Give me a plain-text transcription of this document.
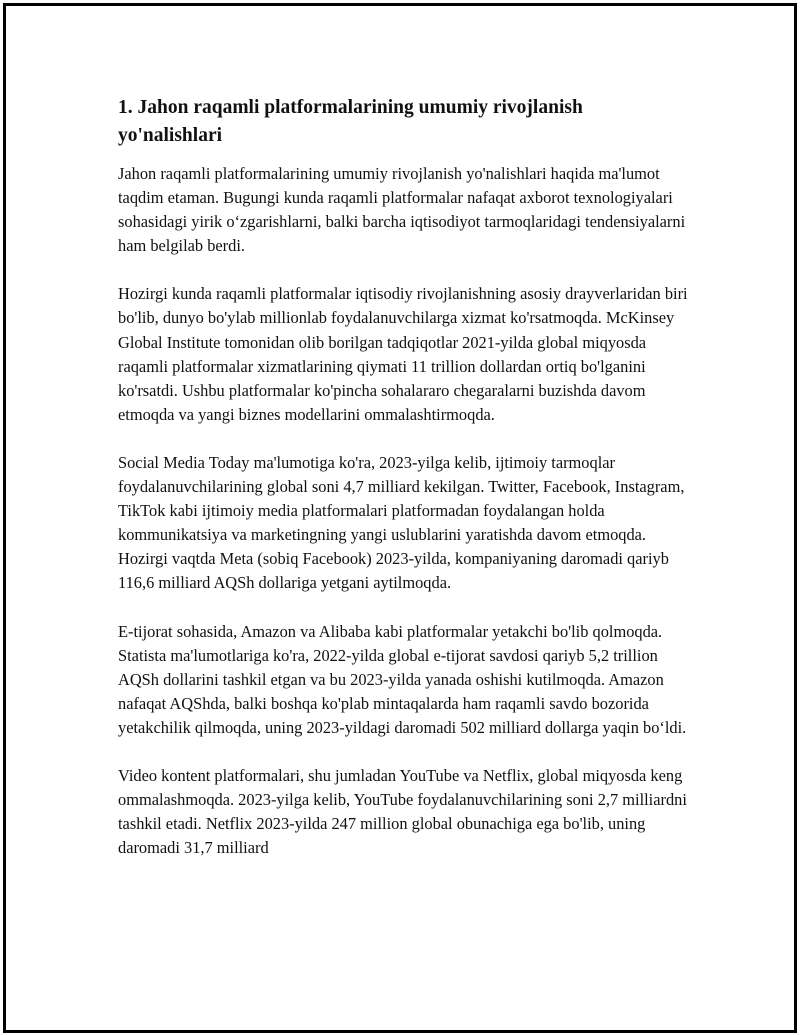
1. Jahon raqamli platformalarining umumiy rivojlanish yo'nalishlari

Jahon raqamli platformalarining umumiy rivojlanish yo'nalishlari haqida ma'lumot taqdim etaman. Bugungi kunda raqamli platformalar nafaqat axborot texnologiyalari sohasidagi yirik o‘zgarishlarni, balki barcha iqtisodiyot tarmoqlaridagi tendensiyalarni ham belgilab berdi.

Hozirgi kunda raqamli platformalar iqtisodiy rivojlanishning asosiy drayverlaridan biri bo'lib, dunyo bo'ylab millionlab foydalanuvchilarga xizmat ko'rsatmoqda. McKinsey Global Institute tomonidan olib borilgan tadqiqotlar 2021-yilda global miqyosda raqamli platformalar xizmatlarining qiymati 11 trillion dollardan ortiq bo'lganini ko'rsatdi. Ushbu platformalar ko'pincha sohalararo chegaralarni buzishda davom etmoqda va yangi biznes modellarini ommalashtirmoqda.

Social Media Today ma'lumotiga ko'ra, 2023-yilga kelib, ijtimoiy tarmoqlar foydalanuvchilarining global soni 4,7 milliard kekilgan. Twitter, Facebook, Instagram, TikTok kabi ijtimoiy media platformalari platformadan foydalangan holda kommunikatsiya va marketingning yangi uslublarini yaratishda davom etmoqda. Hozirgi vaqtda Meta (sobiq Facebook) 2023-yilda, kompaniyaning daromadi qariyb 116,6 milliard AQSh dollariga yetgani aytilmoqda.

E-tijorat sohasida, Amazon va Alibaba kabi platformalar yetakchi bo'lib qolmoqda. Statista ma'lumotlariga ko'ra, 2022-yilda global e-tijorat savdosi qariyb 5,2 trillion AQSh dollarini tashkil etgan va bu 2023-yilda yanada oshishi kutilmoqda. Amazon nafaqat AQShda, balki boshqa ko'plab mintaqalarda ham raqamli savdo bozorida yetakchilik qilmoqda, uning 2023-yildagi daromadi 502 milliard dollarga yaqin bo‘ldi.

Video kontent platformalari, shu jumladan YouTube va Netflix, global miqyosda keng ommalashmoqda. 2023-yilga kelib, YouTube foydalanuvchilarining soni 2,7 milliardni tashkil etadi. Netflix 2023-yilda 247 million global obunachiga ega bo'lib, uning daromadi 31,7 milliard
